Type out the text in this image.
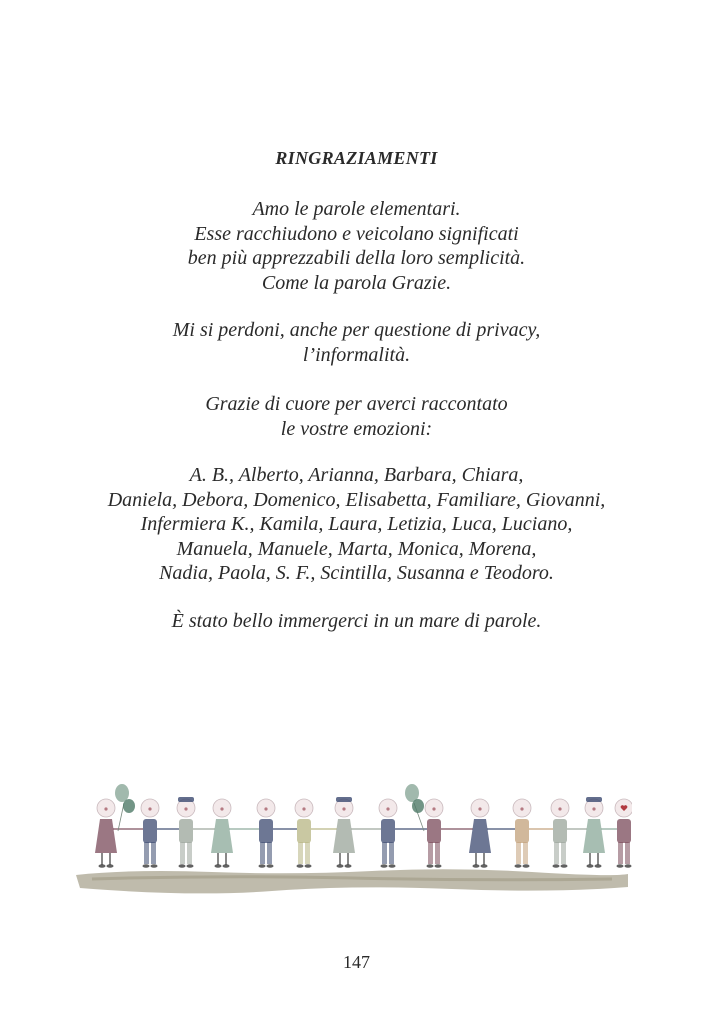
RINGRAZIAMENTI
Amo le parole elementari.
Esse racchiudono e veicolano significati
ben più apprezzabili della loro semplicità.
Come la parola Grazie.
Mi si perdoni, anche per questione di privacy,
l’informalità.
Grazie di cuore per averci raccontato
le vostre emozioni:
A. B., Alberto, Arianna, Barbara, Chiara,
Daniela, Debora, Domenico, Elisabetta, Familiare, Giovanni,
Infermiera K., Kamila, Laura, Letizia, Luca, Luciano,
Manuela, Manuele, Marta, Monica, Morena,
Nadia, Paola, S. F., Scintilla, Susanna e Teodoro.
È stato bello immergerci in un mare di parole.
147
